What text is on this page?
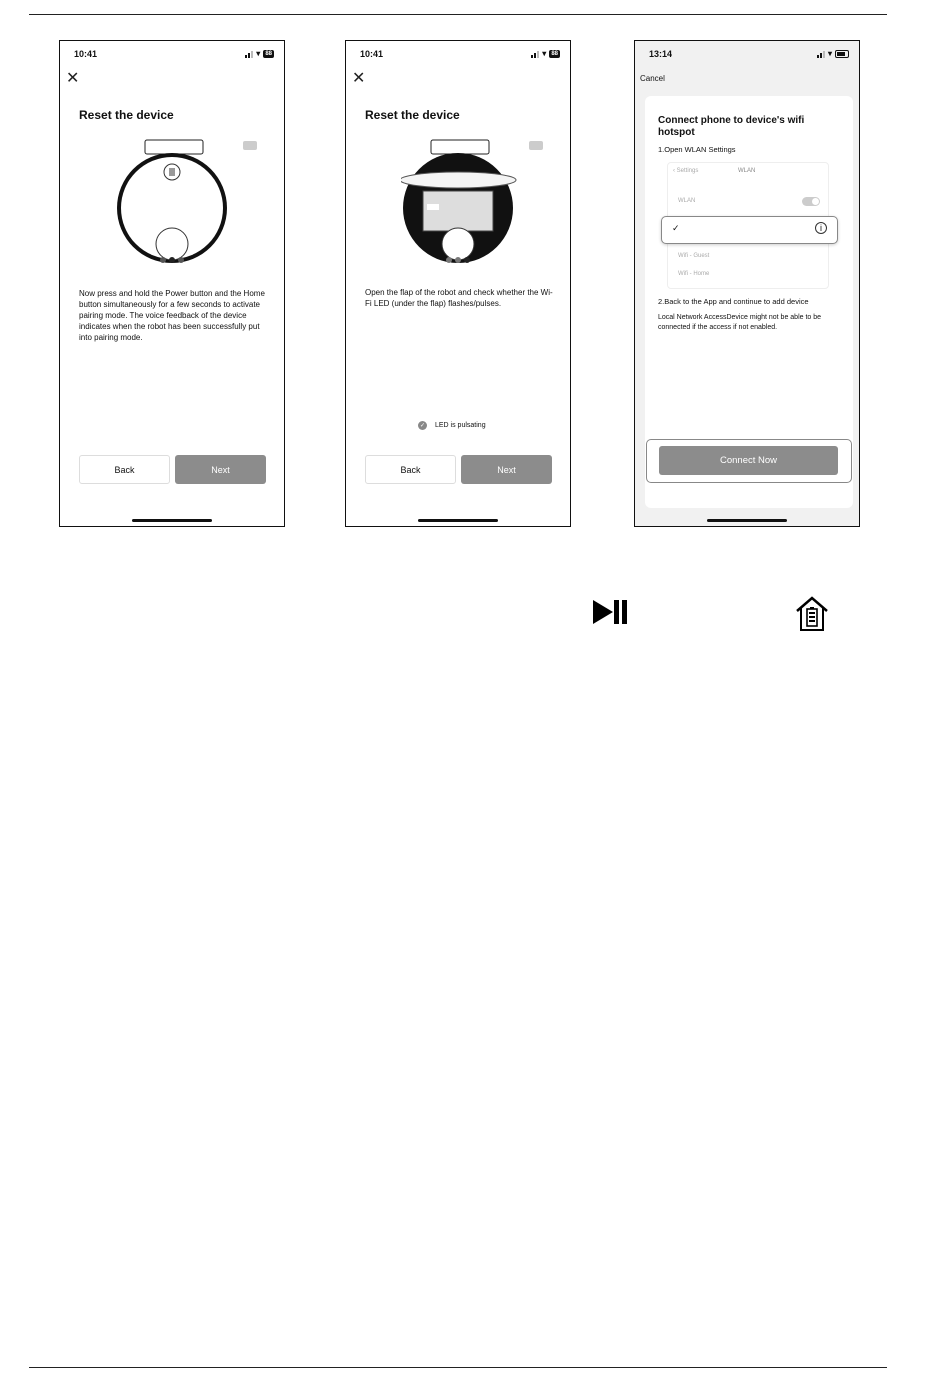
10:41	▾ 88
✕
Reset the device
Now press and hold the Power button and the Home button simultaneously for a few seconds to activate pairing mode. The voice feedback of the device indicates when the robot has been successfully put into pairing mode.
Back	Next
10:41	▾ 88
✕
Reset the device
Open the flap of the robot and check whether the Wi-Fi LED (under the flap) flashes/pulses.
✓ LED is pulsating
Back	Next
13:14	▾
Cancel
Connect phone to device's wifi hotspot
1.Open WLAN Settings
‹ Settings	WLAN
WLAN
Wifi - Guest
Wifi - Home
✓	i
2.Back to the App and continue to add device
Local Network AccessDevice might not be able to be connected if the access if not enabled.
Connect Now
